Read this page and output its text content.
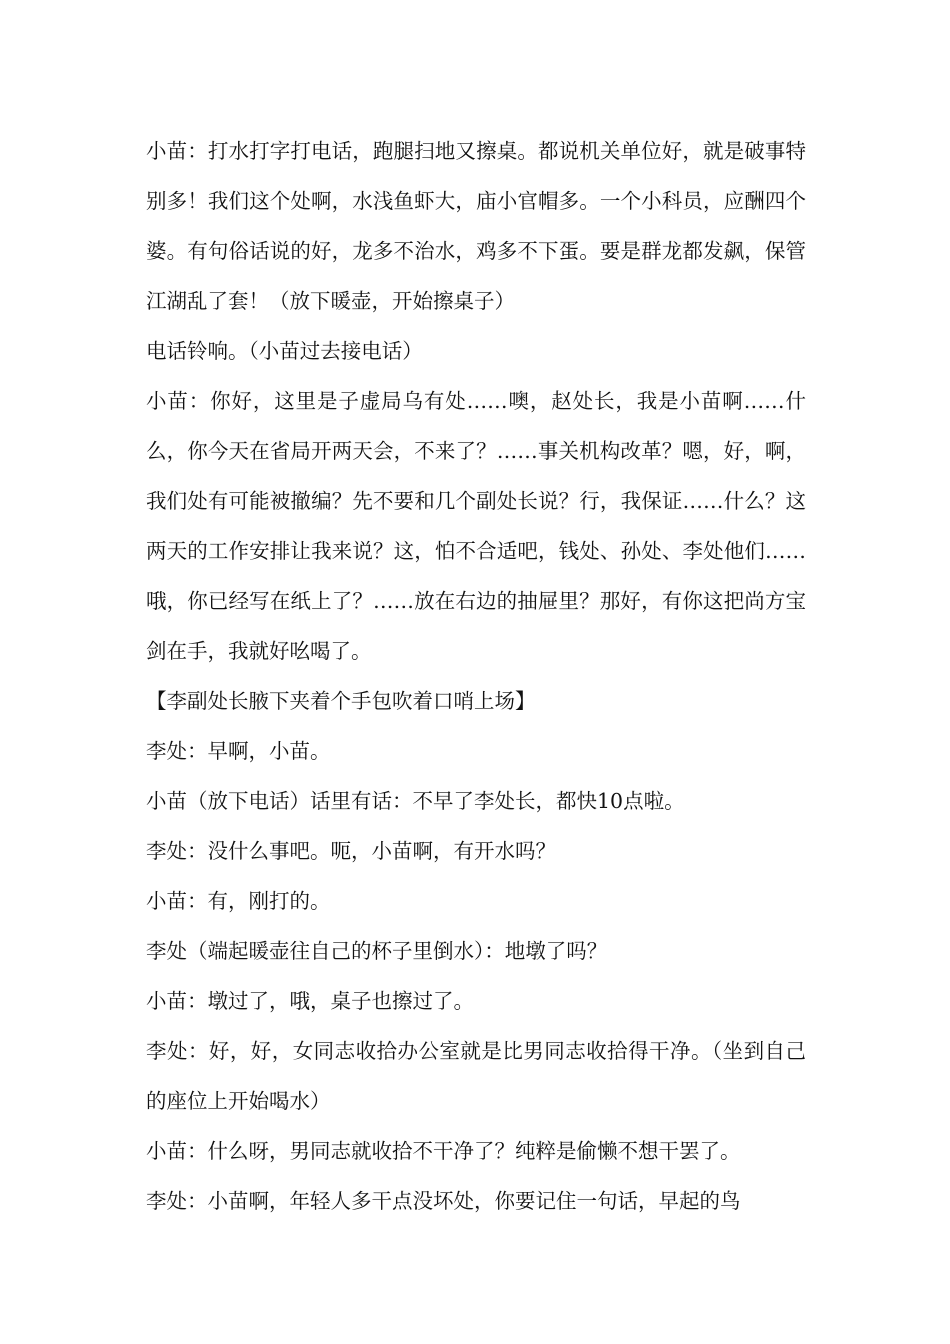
小苗：打水打字打电话，跑腿扫地又擦桌。都说机关单位好，就是破事特别多！我们这个处啊，水浅鱼虾大，庙小官帽多。一个小科员，应酬四个婆。有句俗话说的好，龙多不治水，鸡多不下蛋。要是群龙都发飙，保管江湖乱了套！（放下暖壶，开始擦桌子）

电话铃响。（小苗过去接电话）

小苗：你好，这里是子虚局乌有处……噢，赵处长，我是小苗啊……什么，你今天在省局开两天会，不来了？……事关机构改革？嗯，好，啊，我们处有可能被撤编？先不要和几个副处长说？行，我保证……什么？这两天的工作安排让我来说？这，怕不合适吧，钱处、孙处、李处他们……哦，你已经写在纸上了？……放在右边的抽屉里？那好，有你这把尚方宝剑在手，我就好吆喝了。

【李副处长腋下夹着个手包吹着口哨上场】

李处：早啊，小苗。

小苗（放下电话）话里有话：不早了李处长，都快10点啦。

李处：没什么事吧。呃，小苗啊，有开水吗？

小苗：有，刚打的。

李处（端起暖壶往自己的杯子里倒水）：地墩了吗？

小苗：墩过了，哦，桌子也擦过了。

李处：好，好，女同志收拾办公室就是比男同志收拾得干净。（坐到自己的座位上开始喝水）

小苗：什么呀，男同志就收拾不干净了？纯粹是偷懒不想干罢了。

李处：小苗啊，年轻人多干点没坏处，你要记住一句话，早起的鸟
